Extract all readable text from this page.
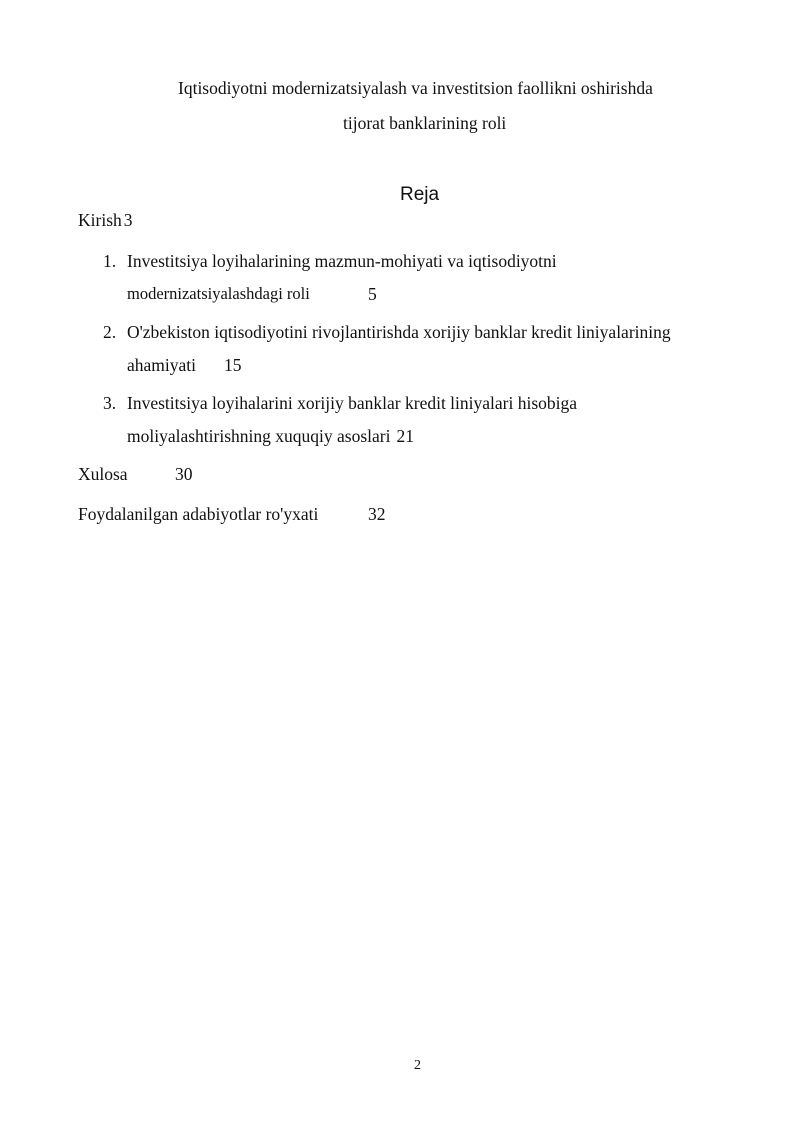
Iqtisodiyotni modernizatsiyalash va investitsion faollikni oshirishda
tijorat banklarining roli
Reja
Kirish 3
1. Investitsiya loyihalarining mazmun-mohiyati va iqtisodiyotni
modernizatsiyalashdagi roli	5
2. O'zbekiston iqtisodiyotini rivojlantirishda xorijiy banklar kredit liniyalarining
ahamiyati 15
3. Investitsiya loyihalarini xorijiy banklar kredit liniyalari hisobiga
moliyalashtirishning xuquqiy asoslari 21
Xulosa	30
Foydalanilgan adabiyotlar ro'yxati	32
2
